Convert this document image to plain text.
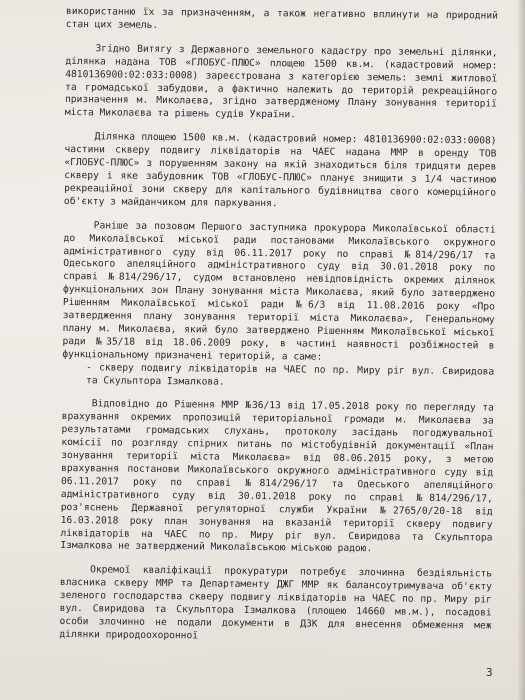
використанню їх за призначенням, а також негативно вплинути на природний стан цих земель.

Згідно Витягу з Державного земельного кадастру про земельні ділянки, ділянка надана ТОВ «ГЛОБУС-ПЛЮС» площею 1500 кв.м. (кадастровий номер: 4810136900:02:033:0008) зареєстрована з категорією земель: землі житлової та громадської забудови, а фактично належить до територій рекреаційного призначення м. Миколаєва, згідно затвердженому Плану зонування території міста Миколаєва та рішень судів України.

Ділянка площею 1500 кв.м. (кадастровий номер: 4810136900:02:033:0008) частини скверу подвигу ліквідаторів на ЧАЕС надана ММР в оренду ТОВ «ГЛОБУС-ПЛЮС» з порушенням закону на якій знаходиться біля тридцяти дерев скверу і яке забудовник ТОВ «ГЛОБУС-ПЛЮС» планує знищити з 1/4 частиною рекреаційної зони скверу для капітального будівництва свого комерційного об'єкту з майданчиком для паркування.

Раніше за позовом Першого заступника прокурора Миколаївської області до Миколаївської міської ради постановами Миколаївського окружного адміністративного суду від 06.11.2017 року по справі №814/296/17 та Одеського апеляційного адміністративного суду від 30.01.2018 року по справі №814/296/17, судом встановлено невідповідність окремих ділянок функціональних зон Плану зонування міста Миколаєва, який було затверджено Рішенням Миколаївської міської ради №6/3 від 11.08.2016 року «Про затвердження плану зонування території міста Миколаєва», Генеральному плану м. Миколаєва, який було затверджено Рішенням Миколаївської міської ради №35/18 від 18.06.2009 року, в частині наявності розбіжностей в функціональному призначені територій, а саме:

- скверу подвигу ліквідаторів на ЧАЕС по пр. Миру ріг вул. Свиридова та Скульптора Ізмалкова.

Відповідно до Рішення ММР №36/13 від 17.05.2018 року по перегляду та врахування окремих пропозицій територіальної громади м. Миколаєва за результатами громадських слухань, протоколу засідань погоджувальної комісії по розгляду спірних питань по містобудівній документації «План зонування території міста Миколаєва» від 08.06.2015 року, з метою врахування постанови Миколаївського окружного адміністративного суду від 06.11.2017 року по справі №814/296/17 та Одеського апеляційного адміністративного суду від 30.01.2018 року по справі №814/296/17, роз'яснень Державної регуляторної служби України №2765/0/20-18 від 16.03.2018 року план зонування на вказаній території скверу подвигу ліквідаторів на ЧАЕС по пр. Миру ріг вул. Свиридова та Скульптора Ізмалкова не затверджений Миколаївською міською радою.

Окремої кваліфікації прокуратури потребує злочинна бездіяльність власника скверу ММР та Департаменту ДЖГ ММР як балансоутримувача об'єкту зеленого господарства скверу подвигу ліквідаторів на ЧАЕС по пр. Миру ріг вул. Свиридова та Скульптора Ізмалкова (площею 14660 мв.м.), посадові особи злочинно не подали документи в ДЗК для внесення обмеження меж ділянки природоохоронної

3
